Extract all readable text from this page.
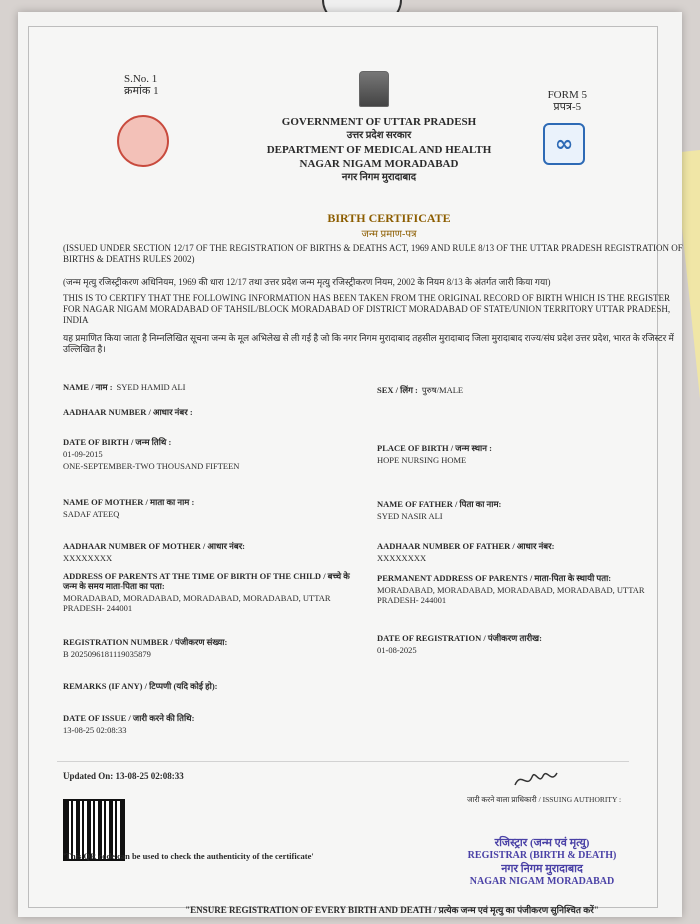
S.No. 1
क्रमांक 1	FORM 5
प्रपत्र-5
∞
GOVERNMENT OF UTTAR PRADESH
उत्तर प्रदेश सरकार
DEPARTMENT OF MEDICAL AND HEALTH
NAGAR NIGAM MORADABAD
नगर निगम मुरादाबाद
BIRTH CERTIFICATE
जन्म प्रमाण-पत्र
(ISSUED UNDER SECTION 12/17 OF THE REGISTRATION OF BIRTHS & DEATHS ACT, 1969 AND RULE 8/13 OF THE UTTAR PRADESH REGISTRATION OF BIRTHS & DEATHS RULES 2002)
(जन्म मृत्यु रजिस्ट्रीकरण अधिनियम, 1969 की धारा 12/17 तथा उत्तर प्रदेश जन्म मृत्यु रजिस्ट्रीकरण नियम, 2002 के नियम 8/13 के अंतर्गत जारी किया गया)
THIS IS TO CERTIFY THAT THE FOLLOWING INFORMATION HAS BEEN TAKEN FROM THE ORIGINAL RECORD OF BIRTH WHICH IS THE REGISTER FOR NAGAR NIGAM MORADABAD OF TAHSIL/BLOCK MORADABAD OF DISTRICT MORADABAD OF STATE/UNION TERRITORY UTTAR PRADESH, INDIA
यह प्रमाणित किया जाता है निम्नलिखित सूचना जन्म के मूल अभिलेख से ली गई है जो कि नगर निगम मुरादाबाद तहसील मुरादाबाद जिला मुरादाबाद राज्य/संघ प्रदेश उत्तर प्रदेश, भारत के रजिस्टर में उल्लिखित है।
NAME / नाम : SYED HAMID ALI	SEX / लिंग : पुरुष/MALE
AADHAAR NUMBER / आधार नंबर :
DATE OF BIRTH / जन्म तिथि :
01-09-2015
ONE-SEPTEMBER-TWO THOUSAND FIFTEEN
PLACE OF BIRTH / जन्म स्थान :
HOPE NURSING HOME
NAME OF MOTHER / माता का नाम :
SADAF ATEEQ
NAME OF FATHER / पिता का नाम:
SYED NASIR ALI
AADHAAR NUMBER OF MOTHER / आधार नंबर:
XXXXXXXX
AADHAAR NUMBER OF FATHER / आधार नंबर:
XXXXXXXX
ADDRESS OF PARENTS AT THE TIME OF BIRTH OF THE CHILD / बच्चे के जन्म के समय माता-पिता का पता:
MORADABAD, MORADABAD, MORADABAD, MORADABAD, UTTAR PRADESH- 244001
PERMANENT ADDRESS OF PARENTS / माता-पिता के स्थायी पता:
MORADABAD, MORADABAD, MORADABAD, MORADABAD, UTTAR PRADESH- 244001
REGISTRATION NUMBER / पंजीकरण संख्या:
B 2025096181119035879
DATE OF REGISTRATION / पंजीकरण तारीख:
01-08-2025
REMARKS (IF ANY) / टिप्पणी (यदि कोई हो):
DATE OF ISSUE / जारी करने की तिथि:
13-08-25 02:08:33
Updated On: 13-08-25 02:08:33
'This QR code can be used to check the authenticity of the certificate'
जारी करने वाला प्राधिकारी / ISSUING AUTHORITY :
रजिस्ट्रार (जन्म एवं मृत्यु)
REGISTRAR (BIRTH & DEATH)
नगर निगम मुरादाबाद
NAGAR NIGAM MORADABAD
"ENSURE REGISTRATION OF EVERY BIRTH AND DEATH / प्रत्येक जन्म एवं मृत्यु का पंजीकरण सुनिश्चित करें"
